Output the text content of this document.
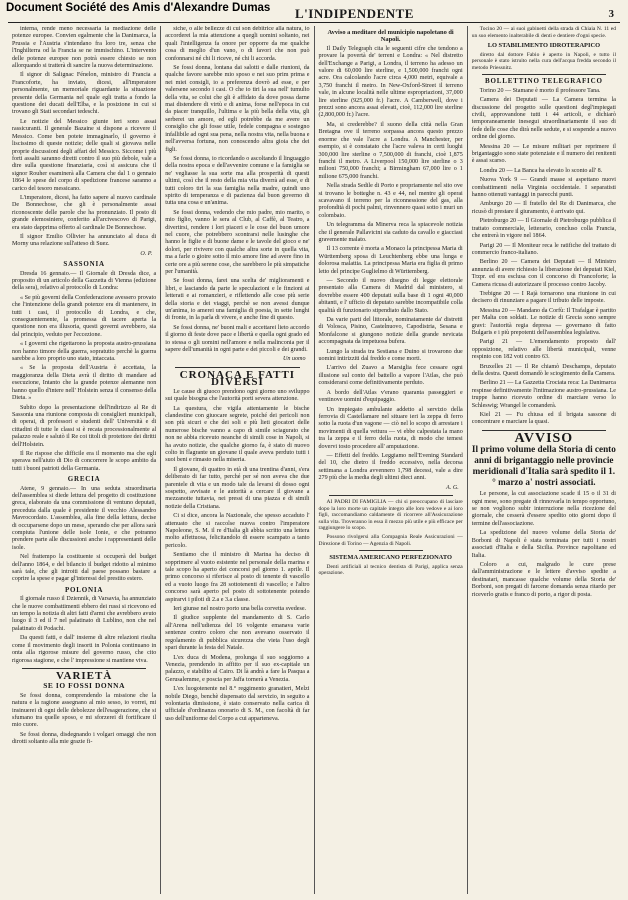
Document Société des Amis d'Alexandre Dumas L'INDIPENDENTE	3

interna, rende meno necessaria la mediazione delle potenze europee. Convien egalmente che la Danimarca, la Prussia e l'Austria s'intendano fra loro tre, senza che l'Inghilterra od la Francia se ne immischino. L'intervento delle potenze europee non potrà essere chiesto se non allorquando si tratterà di sancire la nuova determinazione.

Il signor di Salignac Fénelon, ministro di Francia a Francoforte, ha inviato, dicesi, all'imperatore personalmente, un memoriale riguardante la situazione presente della Germania nel quale egli tratta a fondo la questione dei ducati dell'Elba, e la posizione in cui si trovano gli Stati secondari tedeschi.

Le notizie del Messico giunte ieri sono assai rassicuranti. Il generale Bazaine si dispone a ricevere il Messico. Come ben potete immaginarlo, il governo è liscissimo di queste notizie; delle quali si giovava nelle proprie discussioni degli affari del Messico. Siccome i più forti assalti saranno diretti contro il suo più debole, vale a dire sulla questione finanziaria, così si assicura che il signor Rouher esaminerà alla Camera che dal 1 o gennaio 1864 le spese del corpo di spedizione francese saranno a carico del tesoro messicano.

L'imperatore, dicesi, ha fatto sapere al nuovo cardinale De Bonnechose, che gli è personalmente assai riconoscente delle parole che ha pronunziato. Il posto di grande elemosiniere, conferito all'arcivescovo di Parigi, era stato dapprima offerto al cardinale De Bonnechose.

Il signor Emilio Ollivier ha annunciato al duca di Morny una relazione sull'atteso di Suez.

O. P.
SASSONIA

Dresda 16 gennaio.— Il Giornale di Dresda dice, a proposito di un articolo della Gazzetta di Vienna (edizione della sera), relativo al protocollo di Londra:

« Se più governi della Confederazione avessero provato che l'intenzione della grandi potenze era di mantenere, in tutti i casi, il protocollo di Londra, e che, conseguentemente, la promessa di tacere aperta la questione non era illusoria, questi governi avrebbero, sia dal principio, veduto per l'eccezione.

« I governi che rigettarono la proposta austro-prussiana non hanno timore della guerra, sopratutto perchè la guerra sarebbe a loro proprio uno stato, intaccata.

« Se la proposta dell'Austria è accettata, la maggioranza della Dieta avrà il diritto di mandare ad esecuzione, Intanto che la grande potenze alemanne non hanno quello d'intere nell' Holstein senza il consenso della Dieta. »

Subito dopo la presentazione dell'indirizzo al Re di Sassonia una riunione composta di consiglieri municipali, di operai, di professori e studenti dell' Università e di cittadini di tutte le classi si è recata processionalmente al palazzo reale e salutò il Re coi titoli di protettore dei diritti dell'Holstein.

Il Re rispose che difficile era il momento ma che egli sperava nell'aiuto di Dio di concorrere le scopo ambito da tutti i buoni patrioti della Germania.

GRECIA

Atene, 9 gennaio.— In una seduta straordinaria dell'assemblea si diede lettura del progetto di costituzione greca, elaborato da una commissione di ventuno deputati, preceduta dalla quale è presidente il vecchio Alessandro Mavrocordato. L'assemblea, alla fine della lettura, decise di occuparsene dopo un mese, sperando che per allora sarà compiuta l'unione delle isole Ionie, e che potranno prendere parte alle discussioni anche i rappresentanti delle isole.

Nel frattempo la costituente si occuperà del budget dell'anno 1864, e del bilancio il budget ridotto al minimo sarà tale, che gli introiti dal paese possano bastare a coprire la spese e pagar gl'interessi del prestito estero.

POLONIA

Il giornale russo il Dziennik, di Varsavia, ha annunziato che le nuove combattimenti ebbero dei russi si ricevono ed un tempo la notizia di altri fatti d'armi che avrebbero avuto luogo il 3 ed il 7 nel palatinato di Lublino, non che nel palatinato di Podachi.

Da questi fatti, e dall' insieme di altre relazioni risulta come il movimento degli insorti in Polonia continuano in onta alla rigorose misure del governo russo, che cito rigorosa stagione, e che l' impressione si mantiene viva.

VARIETÀ
SE IO FOSSI DONNA

Se fossi donna, comprendendo la missione che la natura e la ragione assegnano al mio sesso, io vorrei, mi insinuerei di ogni delle debolezze dell'esagerazione, che si sfumano tra quelle sposo, e mi sforzerei di fortificare il mio cuore.

Se fossi donna, disdegnando i volgari omaggi che non dirotti soltanto alla mie grazie fi-

siche, o alle bellezze di cui son debitrice alla natura, io accorderei la mia attenzione a quegli uomini soltanto, nei quali l'intelligenza fa onore per opporre da me qualche cosa di meglio d'un vano, o di favori che non può confonnarsi né chi li riceve, né chi li accorda.

Se fossi donna, lontana dai salotti e dalle riunioni, da qualche favore sarebbe mio sposo e nei suo prim prima e nei miei consigli, io a preferenza dovrò ad esse, e per valersene secondo i casi. O che io tiri la sua nell' tumulto della vita, se colui che gli è affidato da dove possa darne mai distendere di virtù e di anima, forse nell'epoca in cui da piacer tranquillo, l'ultima e la più bella della vita, gli serberei un amore, ed egli potrebbe da me avere un consiglio che gli fosse utile, fedele compagna e sostegno infallibile ad ogni sua pena, nella nostra vita, nella buona e nell'avversa fortuna, non conoscendo altra gioia che dei figli.

Se fossi donna, io ricordando o ascoltando il linguaggio della nostra epoca e dell'avvenire comune e la famiglia se ne' vegliasse la sua sorte ma alla prosperità di questi ultimi, così che il resto della mia vita diverrà ad esse, e di tutti coloro tiri la sua famiglia nella madre, quindi uno spirito di temperanza e di pazienza dal buon governo di tutta una cosa e un'anima.

Se fossi donna, vedendo che mio padre, mio marito, o mio figlio, vanno le sera al Club, al Caffè, al Teatro, a divertirsi, rendere i lori piaceri e le cose del buon umore nel cuore, che potrebbero scontrarsi nelle lusinghe che hanno le figlie e di buone dame e le tavole del gioco e ne' dolori, per rivivere con qualche altra sorte in quella vita, ma a farle o gioire sotto il mio amore fine ad avere fino in certe ore a più serene cose, che sarebbero le più simpatiche per l'umanità.

Se fossi donna, farei una scelta de' miglioramenti e libri, e lasciando da parte le speculazioni e le finzioni ai letterati e ai romanzieri, e riflettendo alle cose più serie della storia e dei viaggi, perchè se non avessi dunque un'anima, io amerei una famiglia di poesia, in sette lunghi di fronte, in la parla di vivere, e anche fine di questo.

Se fossi donna, ne' buoni mali e accettarei lieto accordo il giorno di feste dove pace e libertà e quella ogni grado ed io stessa o gli uomini nell'amore e nella malinconia per il sapere dell'umanità in ogni parte e dei piccoli e dei grandi.

Un uomo
CRONACA E FATTI DIVERSI

Le cause di giuoco prendono ogni giorno uno sviluppo sui quale bisogna che l'autorità porti severa attenzione.

La questura, che vigila attentamente le bische clandestine con giuocare segrete, poiché dei pericoli non son più sicuri e che dei soli e più lieti giocatori delle numerose bische vanno a capo di simile sciagurato che non ne abbia ricevuto neanche di simili cose in Napoli, si ha avuto notizie, che qualche giorno fa, è stato di nuovo colto in flagrante un giovane il quale aveva perduto tutti i suoi beni e rimasto nella miseria.

Il giovane, di quattro in età di una trentina d'anni, s'era deliberato di far tutto, perché per sé non aveva che due parentele di vita e un modo tale da levarsi di dosso ogni sospetto, avvisate e le autorità a cercare il giovane a mezzanotte tuttavia, nei pressi di una piazza e di simili notizie della Cristiana.

Ci si dice, ancora la Nazionale, che spesso accaduto l' attenuato che si raccolse nuova contro l'imperatore Napoleone, S. M. il re d'Italia gli abbia scritto una lettera molto affettuosa, felicitandolo di essere scampato a tanto pericolo.

Sentiamo che il ministro di Marina ha deciso di sopprimere al vuoto esistente nel personale della marina e tale scopo ha aperto dei concorsi pel giorno 1. aprile. Il primo concorso si riferisce al posto di tenente di vascello ed a vuoto luogo fra 28 sottotenenti di vascello; e l'altro concorso sarà aperto pel posto di sottotenente potendo aspirarvi i piloti di 2.a e 3.a classe.

Ieri giunse nel nostro porto una bella corvetta svedese.

Il giudice supplente del mandamento di S. Carlo all'Arena nell'udienza del 16 volgente emanava varie sentenze contro coloro che non avevano osservato il regolamento di pubblica sicurezza che vieta l'uso degli spari durante la festa del Natale.

L'ex duca di Modena, prolunga il suo soggiorno a Venezia, prendendo in affitto per il suo ex-capitale un palazzo, e stabilito al Cairo. Di là andrà a fare la Pasqua a Gerusalemme, e poscia per Jaffa tornerà a Venezia.

L'ex luogotenente nel 8.° reggimento granatieri, Melzi nobile Diego, benchè dispensato dal servizio, in seguito a volontaria dimissione, è stato conservato nella carica di ufficiale d'ordinanza onorario di S. M., con facoltà di far uso dell'uniforme del Corpo a cui appartenevа.

Avviso a meditare del municipio napoletano di Napoli.

Il Daily Telegraph cita le seguenti cifre che tendono a provare la povertà de' terreni e Londra: « Nel distretto dell'Exchange a Parigi, a Londra, il terreno ha adesso un valore di 60,000 lire sterline, e 1,500,000 franchi ogni acre. Ora calcolando l'acre circa 4,000 metri, equivale a 3,750 franchi il metro. In New-Oxford-Street il terreno vale, in alcune località nelle ultime espropriazioni, 37,000 lire sterline (925,000 fr.) l'acre. A Camberwell, dove i prezzi sono ancora assai elevati, cioè, 112,000 lire sterline (2,800,000 fr.) l'acre.

Ma, si crederebbe? il suono della città nella Gran Bretagna ove il terreno sorpassa ancora questo prezzo enorme che vale l'acre a Londra. A Manchester, per esempio, si è constatato che l'acre valeva in certi luoghi 300,000 lire sterline o 7,500,000 di franchi, cioè 1,875 franchi il metro. A Liverpool 150,000 lire sterline o 3 milioni 750,000 franchi; a Birmingham 67,000 lire o 1 milione 675,000 franchi.

Nella strada Sedile di Porto e propriamente nel sito ove si trovano le botteghe n. 43 e 44, nel mentre gli operai scavavano il terreno per la riconnessione del gas, alla profondità di pochi palmi, rinvennero quasi sotto i muri un colombaio.

Un telegramma da Minerva reca la spiacevole notizia che il generale Pallavicini sia caduto da cavallo e giacciasi gravemente malato.

Il 13 corrente è morta a Monaco la principessa Maria di Württemberg sposa di Leuchtenberg ebbe una lunga e dolorosa malattia. La principessa Maria era figlia di primo letto del principe Guglielmo di Württemberg.

— Secondo il nuovo disegno di legge elettorale presentato alla Camera di Madrid dal ministero, si dovrebbe essere 400 deputati sulla base di 1 ogni 40,000 abitanti, e l' ufficio di deputato sarebbe incompatibile colla qualità di funzionario stipendiato dallo Stato.

Da varie parti del littorale, nominatamente da' distretti di Volosca, Pisino, Castelnuovo, Capodistria, Sesana e Monfalcone si giungono notizie della grande nevicata accompagnata da impetuosa bufera.

Lungo la strada tra Sestiana e Duino si trovarono due uomini intirizziti dal freddo e come morti.

L'arrivo del Zuavo a Marsiglia fece cessare ogni illusione sul conto del battello a vapore l'Atlas, che può considerarsi come definitivamente perduto.

A bordo dell'Atlas v'erano quaranta passeggieri e ventinove uomini d'equipaggio.

Un impiegato ambulante addetto al servizio della ferrovia di Castellamare nel situare ieri la zeppa di ferro sotto la ruota d'un vagone — ciò nel lo scopo di arrestare i movimenti di quella vettura — vi ebbe calpestata la mano tra la zeppa e il ferro della ruota, di modo che temesi dovervi tosto procedere all' amputazione.

— Effetti del freddo. Leggiamo nell'Evening Standard del 10, che dietro il freddo eccessivo, nella decorsa settimana a Londra avvennero 1,798 decessi, vale a dire 279 più che la media degli ultimi dieci anni.

A. G.

AI PADRI DI FAMIGLIA — chi si preoccupano di lasciare dopo la loro morte un capitale integro alle loro vedove e ai loro figli, raccomandiamo caldamente di ricorrere all'Assicurazione sulla vita. Troveranno in essa il mezzo più utile e più efficace per raggiungere lo scopo.

Possono rivolgersi alla Compagnia Reale Assicurazioni — Direzione di Torino — Agenzia di Napoli.

SISTEMA AMERICANO PERFEZIONATO

Denti artificiali al tecnico dentista di Parigi, applica senza operazione.

Tocino 20 — ai suoi gabinetti della strada di Chiaia N. 11 ed un suo elemento inalterabile di denti e dentiere d'ogni specie.

LO STABILIMENTO IDROTERAPICO

diretto dal dottore Fabio è aperto in Napoli, e tutto il personale è stato istruito nella cura dell'acqua fredda secondo il metodo Priessnitz.

BOLLETTINO TELEGRAFICO

Torino 20 — Stamane è morto il professore Tana.

Camera dei Deputati — La Camera termina la discussione del progetto sulle questioni degl'impiegati civili, approvandone tutti i 44 articoli, e dichiarò temporaneamente inesegui straordinariamente il suo di fede delle cose che dirà nelle sedute, e si sospende a nuovo ordine del giorno.

Messina 20 — Le misure militari per reprimere il brigantaggio sono state potenziate e il numero dei renitenti è assai scarso.

Londra 20 — La Banca ha elevato lo sconto all' 8.

Nuova York 9 — Grandi masse si aspettano nuovi combattimenti nella Virginia occidentale. I separatisti hanno ottenuti vantaggi in parecchi punti.

Amburgo 20 — Il fratello del Re di Danimarca, che ricusò di prestare il giuramento, è arrivato qui.

Pietroburgo 20 — Il Giornale di Pietroburgo pubblica il trattato commerciale, letterario, concluso colla Francia, che entrerà in vigore nel 1864.

Parigi 20 — Il Moniteur reca le ratifiche del trattato di commercio franco-italiano.

Berlino 20 — Camera dei Deputati — Il Ministro annunzia di avere richiesto la liberazione dei deputati Kiel, Trzpr. ed era esclusa con il concorso di Francoforte; la Camera ricusa di autorizzare il processo contro Jacoby.

Trebigne 20 — I Rajà tornarono una riunione in cui decisero di rinunziare a pagare il tributo delle imposte.

Messina 20 — Mandano da Corfù: Il Trafalgar è partito per Malta con soldati. Le notizie di Grecia sono sempre gravi: l'autorità regia depresa — governano di fatto Bulgaris e i più prepotenti dell'assemblea legislativa.

Parigi 21 — L'emendamento proposto dall' opposizione, relativo alle libertà municipali, venne respinto con 182 voti contro 63.

Bruxelles 21 — Il Re chiamò Deschamps, deputato della destra. Questi domandò le sciogimento della Camera.

Berlino 21 — La Gazzetta Crociata reca: La Danimarca respinse definitivamente l'intimazione austro-prussiana. Le truppe hanno ricevuto ordine di marciare verso lo Schleswig; Wrangel le comanderà.

Kiel 21 — Fu chiusa ed il brigata sassone di concentrare e marciare la quasi.

AVVISO
Il primo volume della Storia di cento anni di brigantaggio nelle provincie meridionali d'Italia sarà spedito il 1.° marzo a' nostri associati.

Le persone, la cui associazione scade il 15 o il 31 di ogni mese, sono pregate di rinnovarla in tempo opportuno, se non vogliono subir interruzione nella ricezione del giornale, che cesserà d'essere spedito otto giorni dopo il termine dell'associazione.

La spedizione del nuovo volume della Storia de' Borboni di Napoli è stata terminata per tutti i nostri associati d'Italia e della Sicilia. Province napolitane ed Italia.

Coloro a cui, malgrado le cure prese dall'amministrazione e le lettere d'avviso spedite a destinatari, mancasse qualche volume della Storia de' Borboni, son pregati di farcene domanda senza ritardo per riceverlo gratis e franco di porto, a rigor di posta.
